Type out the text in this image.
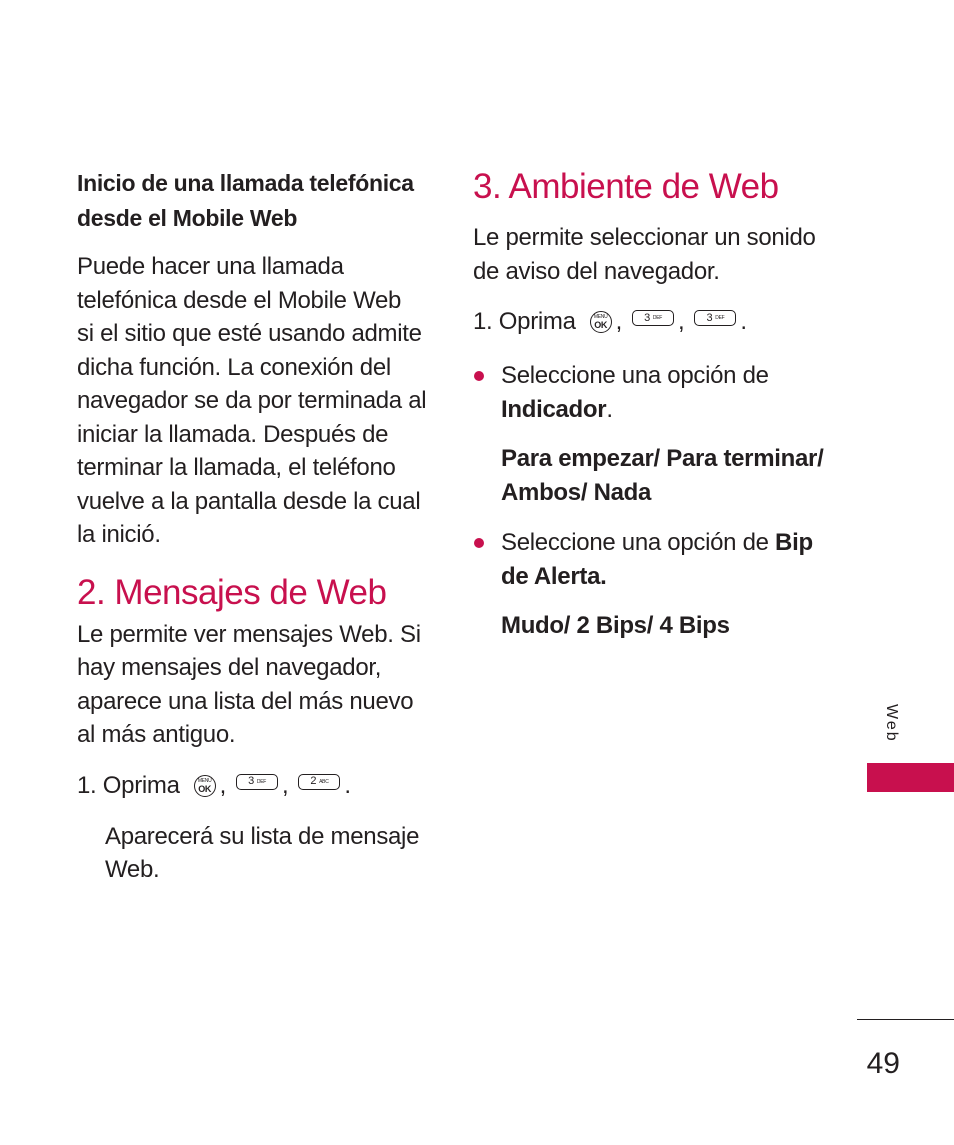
Inicio de una llamada telefónica
desde el Mobile Web

Puede hacer una llamada
telefónica desde el Mobile Web
si el sitio que esté usando admite
dicha función. La conexión del
navegador se da por terminada al
iniciar la llamada. Después de
terminar la llamada, el teléfono
vuelve a la pantalla desde la cual
la inició.

2. Mensajes de Web

Le permite ver mensajes Web. Si
hay mensajes del navegador,
aparece una lista del más nuevo
al más antiguo.

1. Oprima	MENU
OK , 3 DEF , 2 ABC .

Aparecerá su lista de mensaje
Web.

3. Ambiente de Web

Le permite seleccionar un sonido
de aviso del navegador.

1. Oprima	MENU
OK , 3 DEF , 3 DEF .
Seleccione una opción de
Indicador.

Para empezar/ Para terminar/
Ambos/ Nada

Seleccione una opción de Bip
de Alerta.

Mudo/ 2 Bips/ 4 Bips

Web
49
